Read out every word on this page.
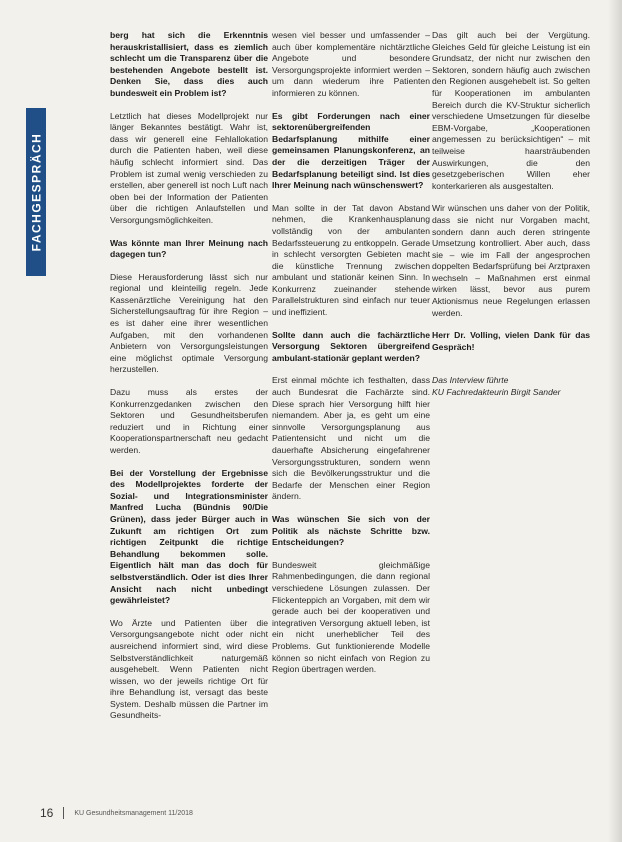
FACHGESPRÄCH

berg hat sich die Erkenntnis herauskristallisiert, dass es ziemlich schlecht um die Transparenz über die bestehenden Angebote bestellt ist. Denken Sie, dass dies auch bundesweit ein Problem ist?

Letztlich hat dieses Modellprojekt nur länger Bekanntes bestätigt. Wahr ist, dass wir generell eine Fehlallokation durch die Patienten haben, weil diese häufig schlecht informiert sind. Das Problem ist zumal wenig verschieden zu erstellen, aber generell ist noch Luft nach oben bei der Information der Patienten über die richtigen Anlaufstellen und Versorgungsmöglichkeiten.

Was könnte man Ihrer Meinung nach dagegen tun?

Diese Herausforderung lässt sich nur regional und kleinteilig regeln. Jede Kassenärztliche Vereinigung hat den Sicherstellungsauftrag für ihre Region – es ist daher eine ihrer wesentlichen Aufgaben, mit den vorhandenen Anbietern von Versorgungsleistungen eine möglichst optimale Versorgung herzustellen.

Dazu muss als erstes der Konkurrenzgedanken zwischen den Sektoren und Gesundheitsberufen reduziert und in Richtung einer Kooperationspartnerschaft neu gedacht werden.

Bei der Vorstellung der Ergebnisse des Modellprojektes forderte der Sozial- und Integrationsminister Manfred Lucha (Bündnis 90/Die Grünen), dass jeder Bürger auch in Zukunft am richtigen Ort zum richtigen Zeitpunkt die richtige Behandlung bekommen solle. Eigentlich hält man das doch für selbstverständlich. Oder ist dies Ihrer Ansicht nach nicht unbedingt gewährleistet?

Wo Ärzte und Patienten über die Versorgungsangebote nicht oder nicht ausreichend informiert sind, wird diese Selbstverständlichkeit naturgemäß ausgehebelt. Wenn Patienten nicht wissen, wo der jeweils richtige Ort für ihre Behandlung ist, versagt das beste System. Deshalb müssen die Partner im Gesundheits-

wesen viel besser und umfassender – auch über komplementäre nichtärztliche Angebote und besondere Versorgungsprojekte informiert werden – um dann wiederum ihre Patienten informieren zu können.

Es gibt Forderungen nach einer sektorenübergreifenden Bedarfsplanung mithilfe einer gemeinsamen Planungskonferenz, an der die derzeitigen Träger der Bedarfsplanung beteiligt sind. Ist dies Ihrer Meinung nach wünschenswert?

Man sollte in der Tat davon Abstand nehmen, die Krankenhausplanung vollständig von der ambulanten Bedarfssteuerung zu entkoppeln. Gerade in schlecht versorgten Gebieten macht die künstliche Trennung zwischen ambulant und stationär keinen Sinn. In Konkurrenz zueinander stehende Parallelstrukturen sind einfach nur teuer und ineffizient.

Sollte dann auch die fachärztliche Versorgung Sektoren übergreifend ambulant-stationär geplant werden?

Erst einmal möchte ich festhalten, dass auch Bundesrat die Fachärzte sind. Diese sprach hier Versorgung hilft hier niemandem. Aber ja, es geht um eine sinnvolle Versorgungsplanung aus Patientensicht und nicht um die dauerhafte Absicherung eingefahrener Versorgungsstrukturen, sondern wenn sich die Bevölkerungsstruktur und die Bedarfe der Menschen einer Region ändern.

Was wünschen Sie sich von der Politik als nächste Schritte bzw. Entscheidungen?

Bundesweit gleichmäßige Rahmenbedingungen, die dann regional verschiedene Lösungen zulassen. Der Flickenteppich an Vorgaben, mit dem wir gerade auch bei der kooperativen und integrativen Versorgung aktuell leben, ist ein nicht unerheblicher Teil des Problems. Gut funktionierende Modelle können so nicht einfach von Region zu Region übertragen werden.

Das gilt auch bei der Vergütung. Gleiches Geld für gleiche Leistung ist ein Grundsatz, der nicht nur zwischen den Sektoren, sondern häufig auch zwischen den Regionen ausgehebelt ist. So gelten für Kooperationen im ambulanten Bereich durch die KV-Struktur sicherlich verschiedene Umsetzungen für dieselbe EBM-Vorgabe, „Kooperationen angemessen zu berücksichtigen“ – mit teilweise haarsträubenden Auswirkungen, die den gesetzgeberischen Willen eher konterkarieren als ausgestalten.

Wir wünschen uns daher von der Politik, dass sie nicht nur Vorgaben macht, sondern dann auch deren stringente Umsetzung kontrolliert. Aber auch, dass sie – wie im Fall der angesprochen doppelten Bedarfsprüfung bei Arztpraxen wechseln – Maßnahmen erst einmal wirken lässt, bevor aus purem Aktionismus neue Regelungen erlassen werden.

Herr Dr. Volling, vielen Dank für das Gespräch!

Das Interview führte

KU Fachredakteurin Birgit Sander

16	KU Gesundheitsmanagement 11/2018
